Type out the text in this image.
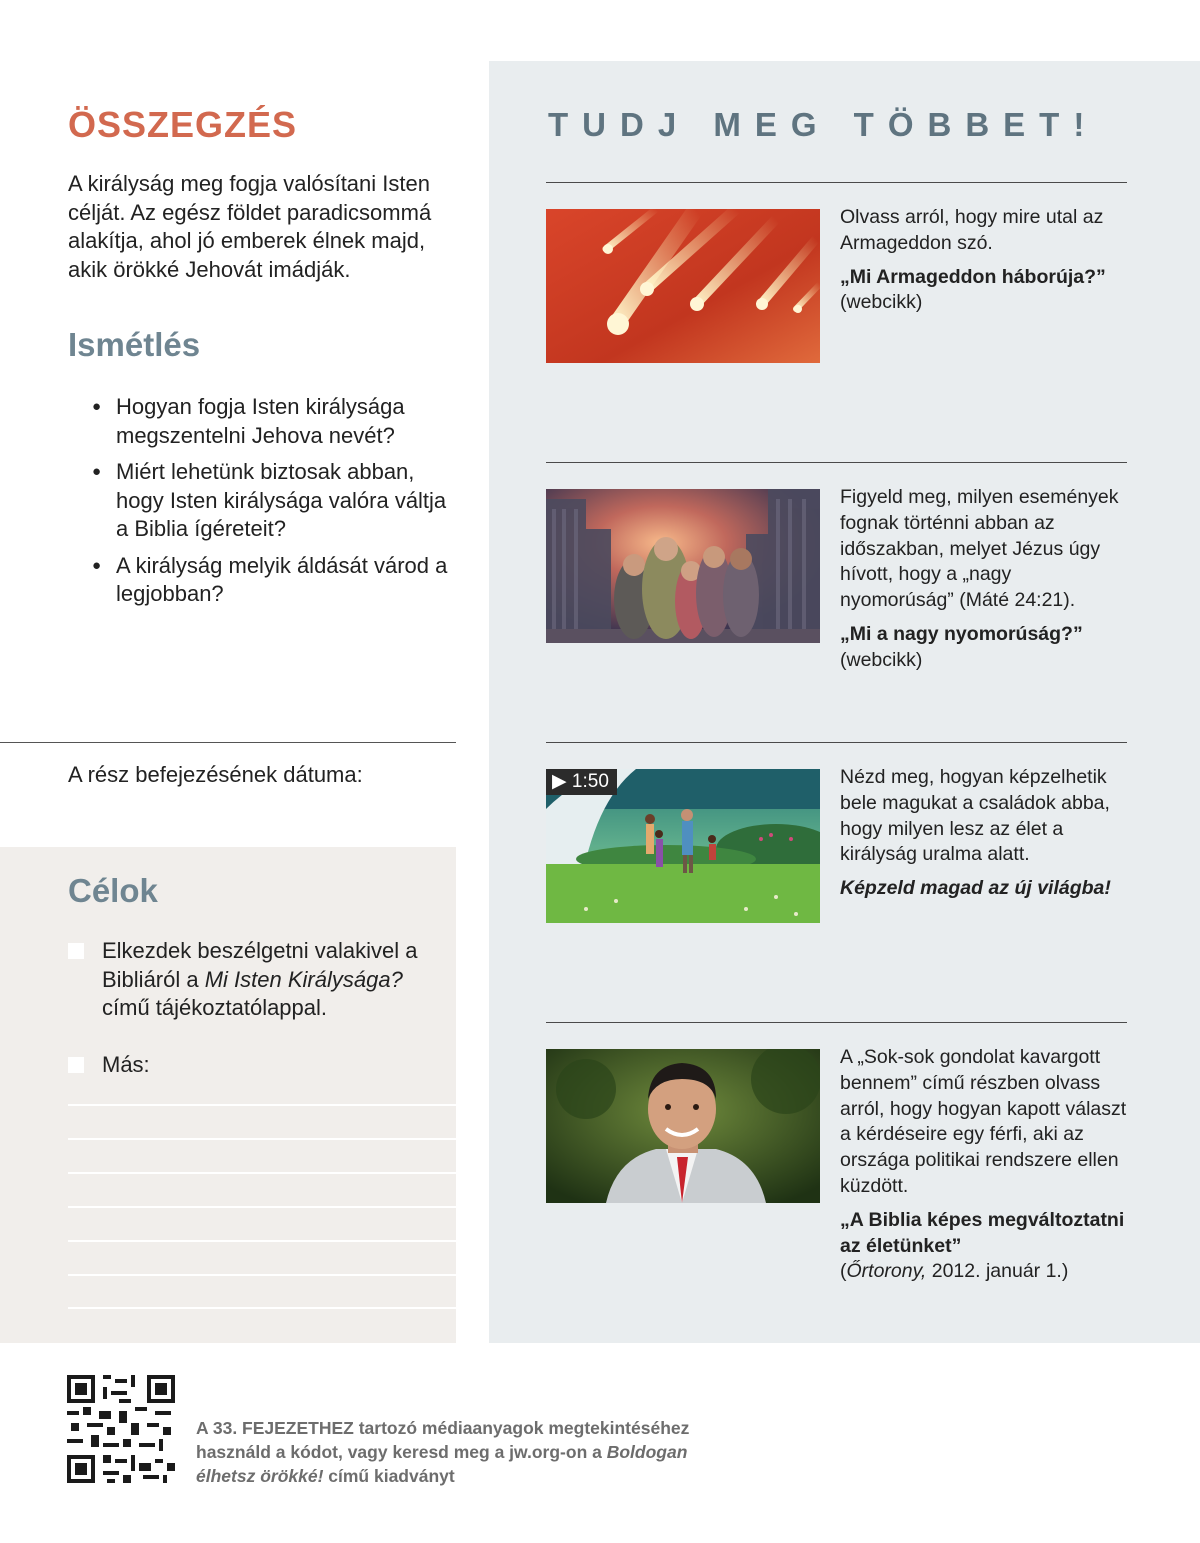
ÖSSZEGZÉS

A királyság meg fogja valósítani Isten célját. Az egész földet paradicsommá alakítja, ahol jó emberek élnek majd, akik örökké Jehovát imádják.

Ismétlés
● Hogyan fogja Isten királysága megszentelni Jehova nevét?
● Miért lehetünk biztosak abban, hogy Isten királysága valóra váltja a Biblia ígéreteit?
● A királyság melyik áldását várod a legjobban?
A rész befejezésének dátuma:
Célok
Elkezdek beszélgetni valakivel a Bibliáról a Mi Isten Királysága? című tájékoztatólappal.
Más:
TUDJ MEG TÖBBET!
Olvass arról, hogy mire utal az Armageddon szó.
„Mi Armageddon háborúja?”
(webcikk)
Figyeld meg, milyen események fognak történni abban az időszakban, melyet Jézus úgy hívott, hogy a „nagy nyomorúság” (Máté 24:21).
„Mi a nagy nyomorúság?”
(webcikk)
▶ 1:50	Nézd meg, hogyan képzelhetik bele magukat a családok abba, hogy milyen lesz az élet a királyság uralma alatt.
Képzeld magad az új világba!
A „Sok-sok gondolat kavargott bennem” című részben olvass arról, hogy hogyan kapott választ a kérdéseire egy férfi, aki az országa politikai rendszere ellen küzdött.
„A Biblia képes megváltoztatni az életünket”
(Őrtorony, 2012. január 1.)

A 33. FEJEZETHEZ tartozó médiaanyagok megtekintéséhez használd a kódot, vagy keresd meg a jw.org-on a Boldogan élhetsz örökké! című kiadványt
